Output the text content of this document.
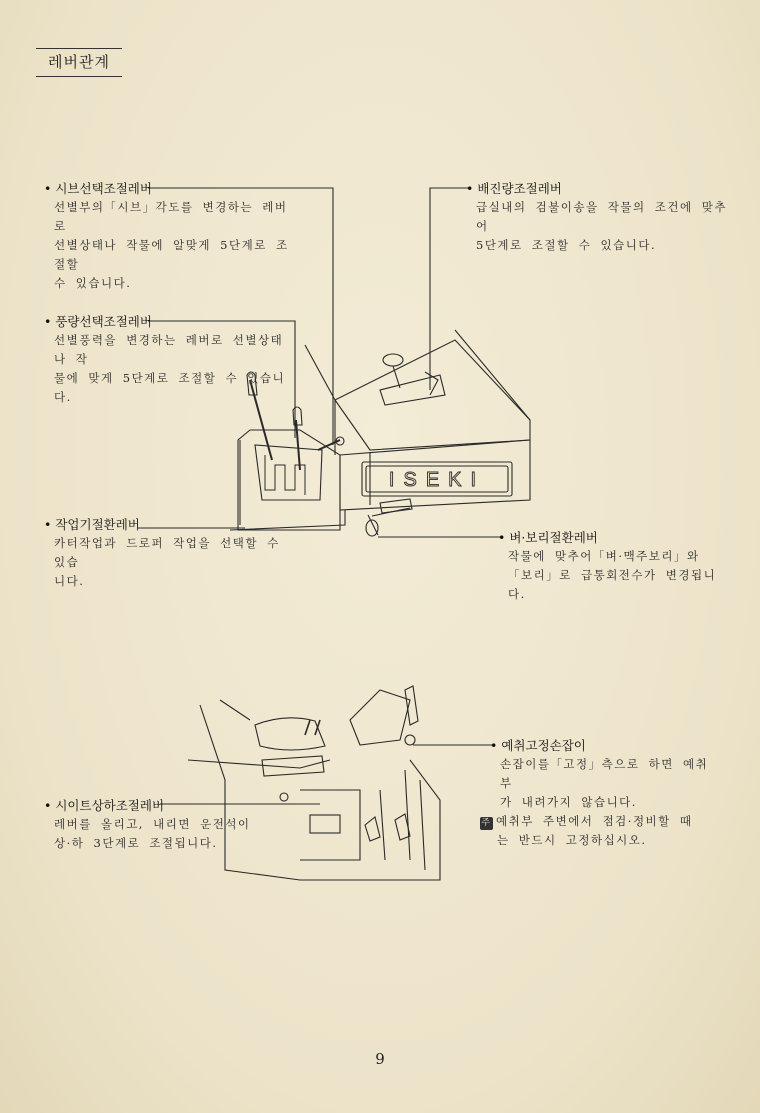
레버관계
ISEKI
• 시브선택조절레버
선별부의「시브」각도를 변경하는 레버로
선별상태나 작물에 알맞게 5단계로 조절할
수 있습니다.
• 풍량선택조절레버
선별풍력을 변경하는 레버로 선별상태나 작
물에 맞게 5단계로 조절할 수 있습니다.
• 작업기절환레버
카터작업과 드로퍼 작업을 선택할 수 있습
니다.
• 배진량조절레버
급실내의 검불이송을 작물의 조건에 맞추어
5단계로 조절할 수 있습니다.
• 벼·보리절환레버
작물에 맞추어「벼·맥주보리」와
「보리」로 급통회전수가 변경됩니
다.
• 예취고정손잡이
손잡이를「고정」측으로 하면 예취부
가 내려가지 않습니다.
주 예취부 주변에서 점검·정비할 때
는 반드시 고정하십시오.
• 시이트상하조절레버
레버를 올리고, 내리면 운전석이
상·하 3단계로 조절됩니다.
9
